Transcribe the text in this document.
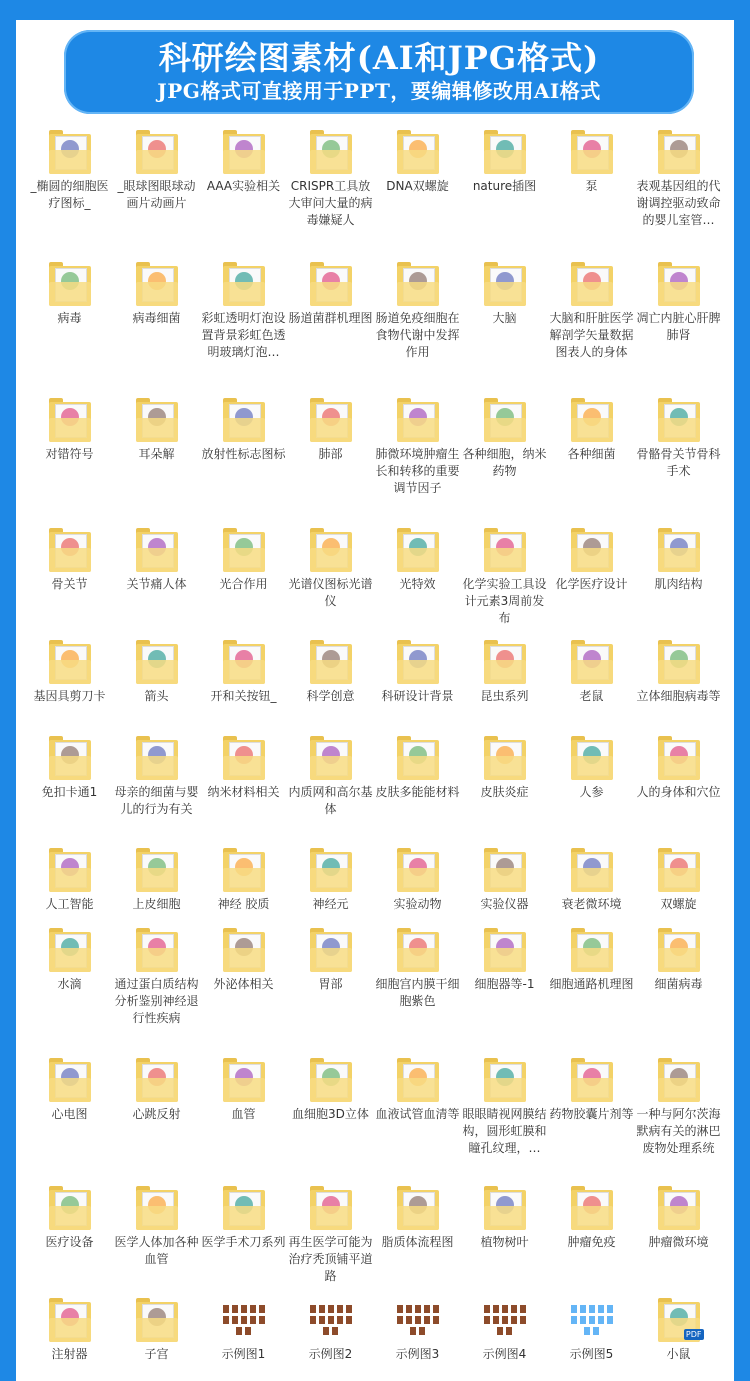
科研绘图素材(AI和JPG格式)
JPG格式可直接用于PPT，要编辑修改用AI格式
_椭圆的细胞医疗图标_
_眼球图眼球动画片动画片
AAA实验相关 CRISPR工具放大审问大量的病毒嫌疑人
DNA双螺旋	nature插图	泵	表观基因组的代谢调控驱动致命的婴儿室管…
病毒	病毒细菌	彩虹透明灯泡设置背景彩虹色透明玻璃灯泡…
肠道菌群机理图 肠道免疫细胞在食物代谢中发挥作用
大脑	大脑和肝脏医学解剖学矢量数据图表人的身体
凋亡内脏心肝脾肺肾
对错符号	耳朵解	放射性标志图标	肺部	肺微环境肿瘤生长和转移的重要调节因子
各种细胞，纳米药物
各种细菌	骨骼骨关节骨科手术
骨关节	关节痛人体	光合作用	光谱仪图标光谱仪
光特效	化学实验工具设计元素3周前发布
化学医疗设计	肌肉结构
基因具剪刀卡	箭头	开和关按钮_	科学创意	科研设计背景	昆虫系列	老鼠	立体细胞病毒等
免扣卡通1	母亲的细菌与婴儿的行为有关
纳米材料相关 内质网和高尔基体
皮肤多能能材料	皮肤炎症	人参	人的身体和穴位
人工智能	上皮细胞	神经 胶质	神经元	实验动物	实验仪器	衰老微环境	双螺旋
水滴	通过蛋白质结构分析鉴别神经退行性疾病
外泌体相关	胃部	细胞宫内膜干细胞紫色
细胞器等-1	细胞通路机理图	细菌病毒
心电图	心跳反射	血管	血细胞3D立体 血液试管血清等 眼眼睛视网膜结构，圆形虹膜和瞳孔纹理，…
药物胶囊片剂等 一种与阿尔茨海默病有关的淋巴废物处理系统
医疗设备	医学人体加各种血管
医学手术刀系列 再生医学可能为治疗秃顶铺平道路
脂质体流程图	植物树叶	肿瘤免疫	肿瘤微环境
注射器	子宫	示例图1	示例图2	示例图3	示例图4	示例图5
PDF
小鼠
